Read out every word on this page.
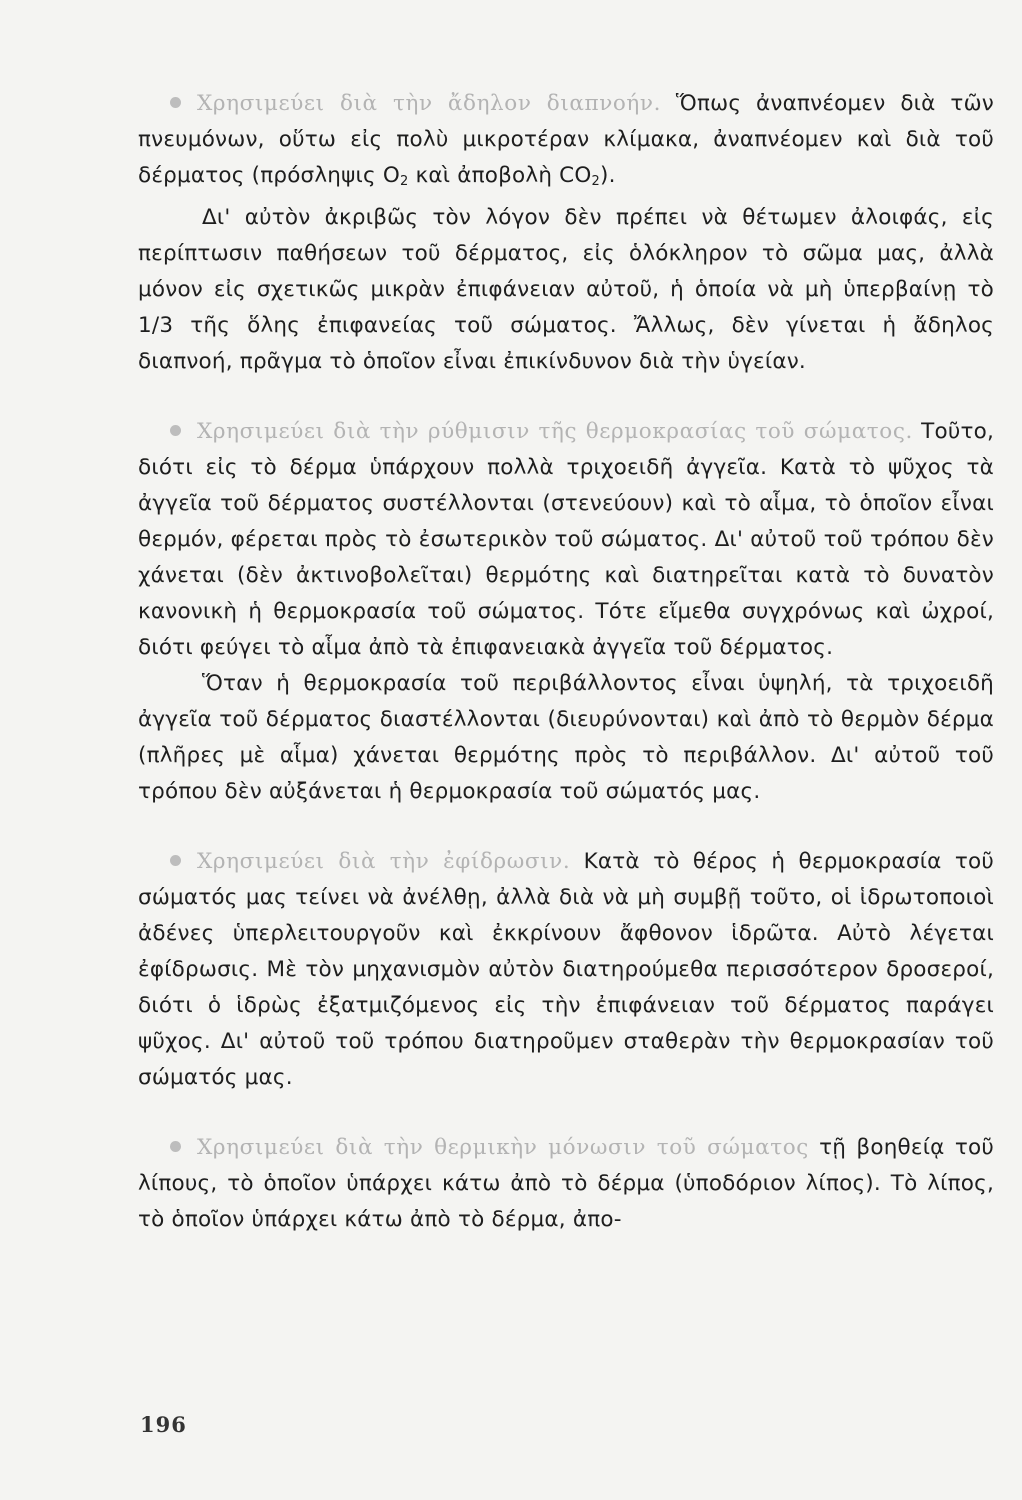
Χρησιμεύει διὰ τὴν ἄδηλον διαπνοήν. Ὅπως ἀναπνέομεν διὰ τῶν πνευμόνων, οὕτω εἰς πολὺ μικροτέραν κλίμακα, ἀναπνέομεν καὶ διὰ τοῦ δέρματος (πρόσληψις $O_2$ καὶ ἀποβολὴ $CO_2$).

Δι' αὐτὸν ἀκριβῶς τὸν λόγον δὲν πρέπει νὰ θέτωμεν ἀλοιφάς, εἰς περίπτωσιν παθήσεων τοῦ δέρματος, εἰς ὁλόκληρον τὸ σῶμα μας, ἀλλὰ μόνον εἰς σχετικῶς μικρὰν ἐπιφάνειαν αὐτοῦ, ἡ ὁποία νὰ μὴ ὑπερβαίνῃ τὸ 1/3 τῆς ὅλης ἐπιφανείας τοῦ σώματος. Ἄλλως, δὲν γίνεται ἡ ἄδηλος διαπνοή, πρᾶγμα τὸ ὁποῖον εἶναι ἐπικίνδυνον διὰ τὴν ὑγείαν.

Χρησιμεύει διὰ τὴν ρύθμισιν τῆς θερμοκρασίας τοῦ σώματος. Τοῦτο, διότι εἰς τὸ δέρμα ὑπάρχουν πολλὰ τριχοειδῆ ἀγγεῖα. Κατὰ τὸ ψῦχος τὰ ἀγγεῖα τοῦ δέρματος συστέλλονται (στενεύουν) καὶ τὸ αἷμα, τὸ ὁποῖον εἶναι θερμόν, φέρεται πρὸς τὸ ἐσωτερικὸν τοῦ σώματος. Δι' αὐτοῦ τοῦ τρόπου δὲν χάνεται (δὲν ἀκτινοβολεῖται) θερμότης καὶ διατηρεῖται κατὰ τὸ δυνατὸν κανονικὴ ἡ θερμοκρασία τοῦ σώματος. Τότε εἴμεθα συγχρόνως καὶ ὠχροί, διότι φεύγει τὸ αἷμα ἀπὸ τὰ ἐπιφανειακὰ ἀγγεῖα τοῦ δέρματος.

Ὅταν ἡ θερμοκρασία τοῦ περιβάλλοντος εἶναι ὑψηλή, τὰ τριχοειδῆ ἀγγεῖα τοῦ δέρματος διαστέλλονται (διευρύνονται) καὶ ἀπὸ τὸ θερμὸν δέρμα (πλῆρες μὲ αἷμα) χάνεται θερμότης πρὸς τὸ περιβάλλον. Δι' αὐτοῦ τοῦ τρόπου δὲν αὐξάνεται ἡ θερμοκρασία τοῦ σώματός μας.

Χρησιμεύει διὰ τὴν ἐφίδρωσιν. Κατὰ τὸ θέρος ἡ θερμοκρασία τοῦ σώματός μας τείνει νὰ ἀνέλθῃ, ἀλλὰ διὰ νὰ μὴ συμβῇ τοῦτο, οἱ ἱδρωτοποιοὶ ἀδένες ὑπερλειτουργοῦν καὶ ἐκκρίνουν ἄφθονον ἱδρῶτα. Αὐτὸ λέγεται ἐφίδρωσις. Μὲ τὸν μηχανισμὸν αὐτὸν διατηρούμεθα περισσότερον δροσεροί, διότι ὁ ἱδρὼς ἐξατμιζόμενος εἰς τὴν ἐπιφάνειαν τοῦ δέρματος παράγει ψῦχος. Δι' αὐτοῦ τοῦ τρόπου διατηροῦμεν σταθερὰν τὴν θερμοκρασίαν τοῦ σώματός μας.

Χρησιμεύει διὰ τὴν θερμικὴν μόνωσιν τοῦ σώματος τῇ βοηθείᾳ τοῦ λίπους, τὸ ὁποῖον ὑπάρχει κάτω ἀπὸ τὸ δέρμα (ὑποδόριον λίπος). Τὸ λίπος, τὸ ὁποῖον ὑπάρχει κάτω ἀπὸ τὸ δέρμα, ἀπο-

196
